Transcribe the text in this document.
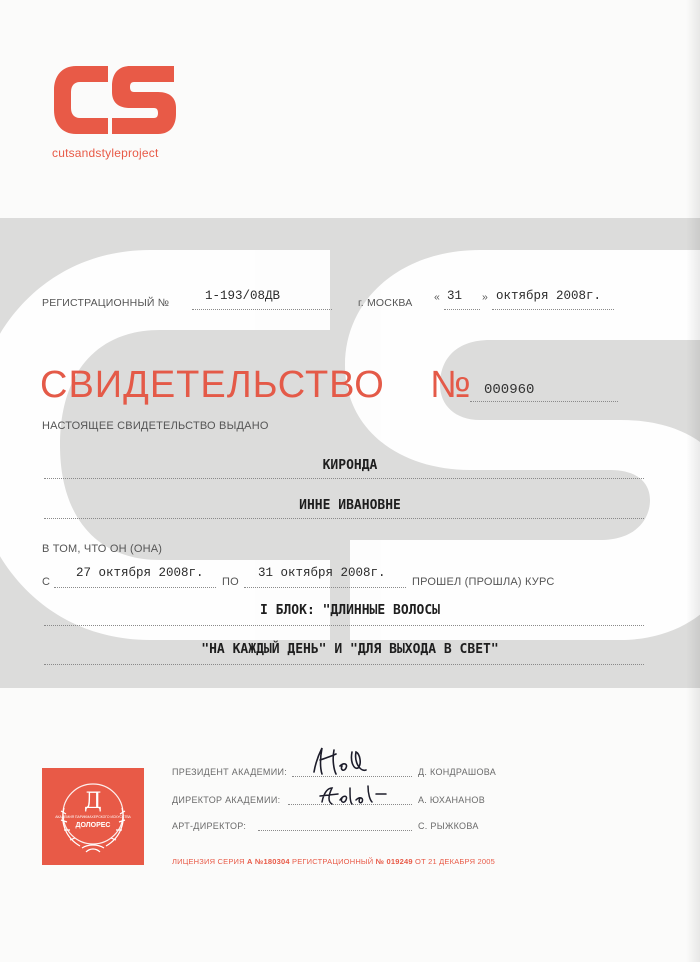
cutsandstyleproject
РЕГИСТРАЦИОННЫЙ №	1-193/08ДВ	г. МОСКВА « 31 » октября 2008г.
СВИДЕТЕЛЬСТВО № 000960
НАСТОЯЩЕЕ СВИДЕТЕЛЬСТВО ВЫДАНО
КИРОНДА
ИННЕ ИВАНОВНЕ
В ТОМ, ЧТО ОН (ОНА)
С
27 октября 2008г.
ПО
31 октября 2008г.
ПРОШЕЛ (ПРОШЛА) КУРС
I БЛОК: "ДЛИННЫЕ ВОЛОСЫ
"НА КАЖДЫЙ ДЕНЬ" И "ДЛЯ ВЫХОДА В СВЕТ"
Д
АКАДЕМИЯ ПАРИКМАХЕРСКОГО ИСКУССТВА
ДОЛОРЕС
ПРЕЗИДЕНТ АКАДЕМИИ:	Д. КОНДРАШОВА
ДИРЕКТОР АКАДЕМИИ:	А. ЮХАНАНОВ
АРТ-ДИРЕКТОР:	С. РЫЖКОВА
ЛИЦЕНЗИЯ СЕРИЯ А №180304 РЕГИСТРАЦИОННЫЙ № 019249 ОТ 21 ДЕКАБРЯ 2005
